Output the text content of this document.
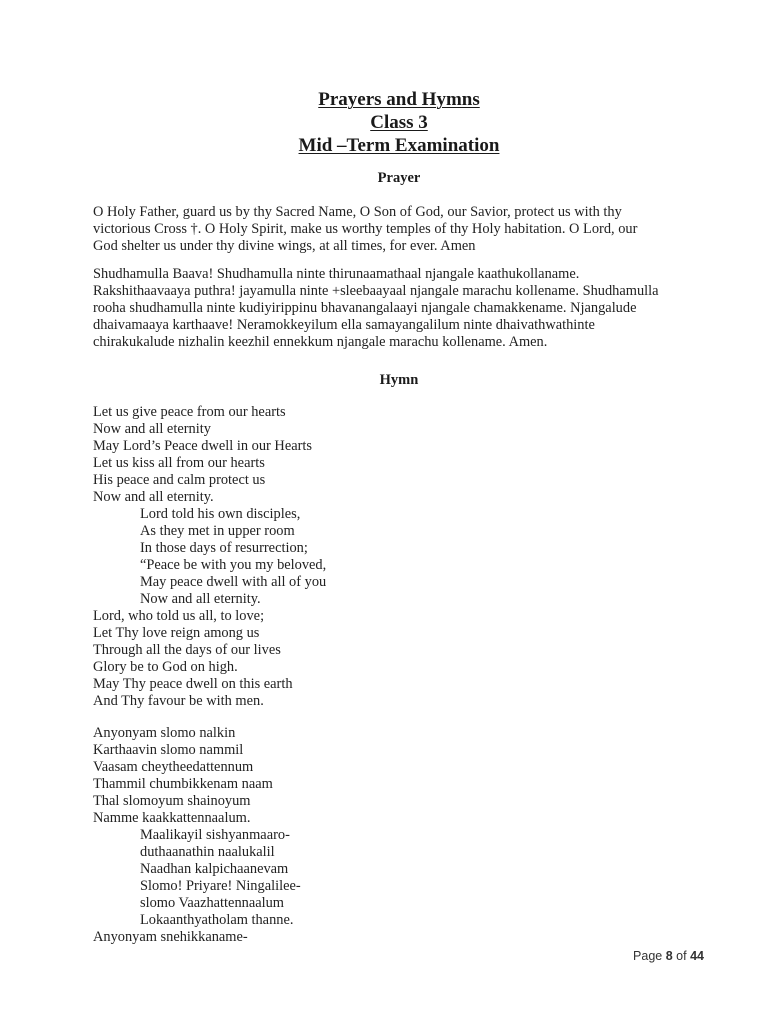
Prayers and Hymns
Class 3
Mid –Term Examination
Prayer
O Holy Father, guard us by thy Sacred Name, O Son of God, our Savior, protect us with thy
victorious Cross †. O Holy Spirit, make us worthy temples of thy Holy habitation. O Lord, our
God shelter us under thy divine wings, at all times, for ever. Amen
Shudhamulla Baava! Shudhamulla ninte thirunaamathaal njangale kaathukollaname.
Rakshithaavaaya puthra! jayamulla ninte +sleebaayaal njangale marachu kollename. Shudhamulla
rooha shudhamulla ninte kudiyirippinu bhavanangalaayi njangale chamakkename. Njangalude
dhaivamaaya karthaave! Neramokkeyilum ella samayangalilum ninte dhaivathwathinte
chirakukalude nizhalin keezhil ennekkum njangale marachu kollename. Amen.
Hymn
Let us give peace from our hearts
Now and all eternity
May Lord’s Peace dwell in our Hearts
Let us kiss all from our hearts
His peace and calm protect us
Now and all eternity.
Lord told his own disciples,
As they met in upper room
In those days of resurrection;
“Peace be with you my beloved,
May peace dwell with all of you
Now and all eternity.
Lord, who told us all, to love;
Let Thy love reign among us
Through all the days of our lives
Glory be to God on high.
May Thy peace dwell on this earth
And Thy favour be with men.
Anyonyam slomo nalkin
Karthaavin slomo nammil
Vaasam cheytheedattennum
Thammil chumbikkenam naam
Thal slomoyum shainoyum
Namme kaakkattennaalum.
Maalikayil sishyanmaaro-
duthaanathin naalukalil
Naadhan kalpichaanevam
Slomo! Priyare! Ningalilee-
slomo Vaazhattennaalum
Lokaanthyatholam thanne.
Anyonyam snehikkaname-
Page 8 of 44
